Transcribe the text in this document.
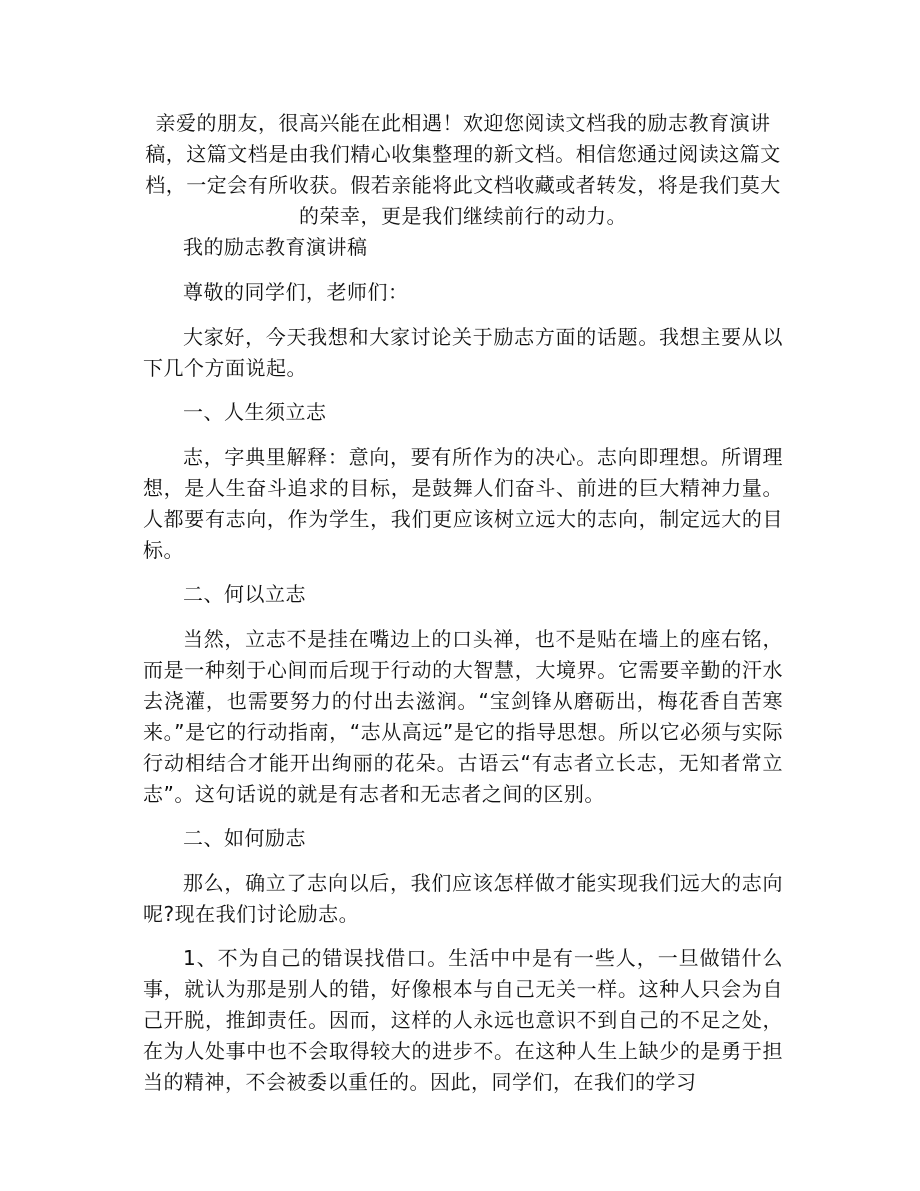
亲爱的朋友，很高兴能在此相遇！欢迎您阅读文档我的励志教育演讲稿，这篇文档是由我们精心收集整理的新文档。相信您通过阅读这篇文档，一定会有所收获。假若亲能将此文档收藏或者转发，将是我们莫大的荣幸，更是我们继续前行的动力。

我的励志教育演讲稿

尊敬的同学们，老师们：

大家好，今天我想和大家讨论关于励志方面的话题。我想主要从以下几个方面说起。

一、人生须立志

志，字典里解释：意向，要有所作为的决心。志向即理想。所谓理想，是人生奋斗追求的目标，是鼓舞人们奋斗、前进的巨大精神力量。人都要有志向，作为学生，我们更应该树立远大的志向，制定远大的目标。

二、何以立志

当然，立志不是挂在嘴边上的口头禅，也不是贴在墙上的座右铭，而是一种刻于心间而后现于行动的大智慧，大境界。它需要辛勤的汗水去浇灌，也需要努力的付出去滋润。“宝剑锋从磨砺出，梅花香自苦寒来。”是它的行动指南，“志从高远”是它的指导思想。所以它必须与实际行动相结合才能开出绚丽的花朵。古语云“有志者立长志，无知者常立志”。这句话说的就是有志者和无志者之间的区别。

二、如何励志

那么，确立了志向以后，我们应该怎样做才能实现我们远大的志向呢?现在我们讨论励志。

1、不为自己的错误找借口。生活中中是有一些人，一旦做错什么事，就认为那是别人的错，好像根本与自己无关一样。这种人只会为自己开脱，推卸责任。因而，这样的人永远也意识不到自己的不足之处，在为人处事中也不会取得较大的进步不。在这种人生上缺少的是勇于担当的精神，不会被委以重任的。因此，同学们，在我们的学习
